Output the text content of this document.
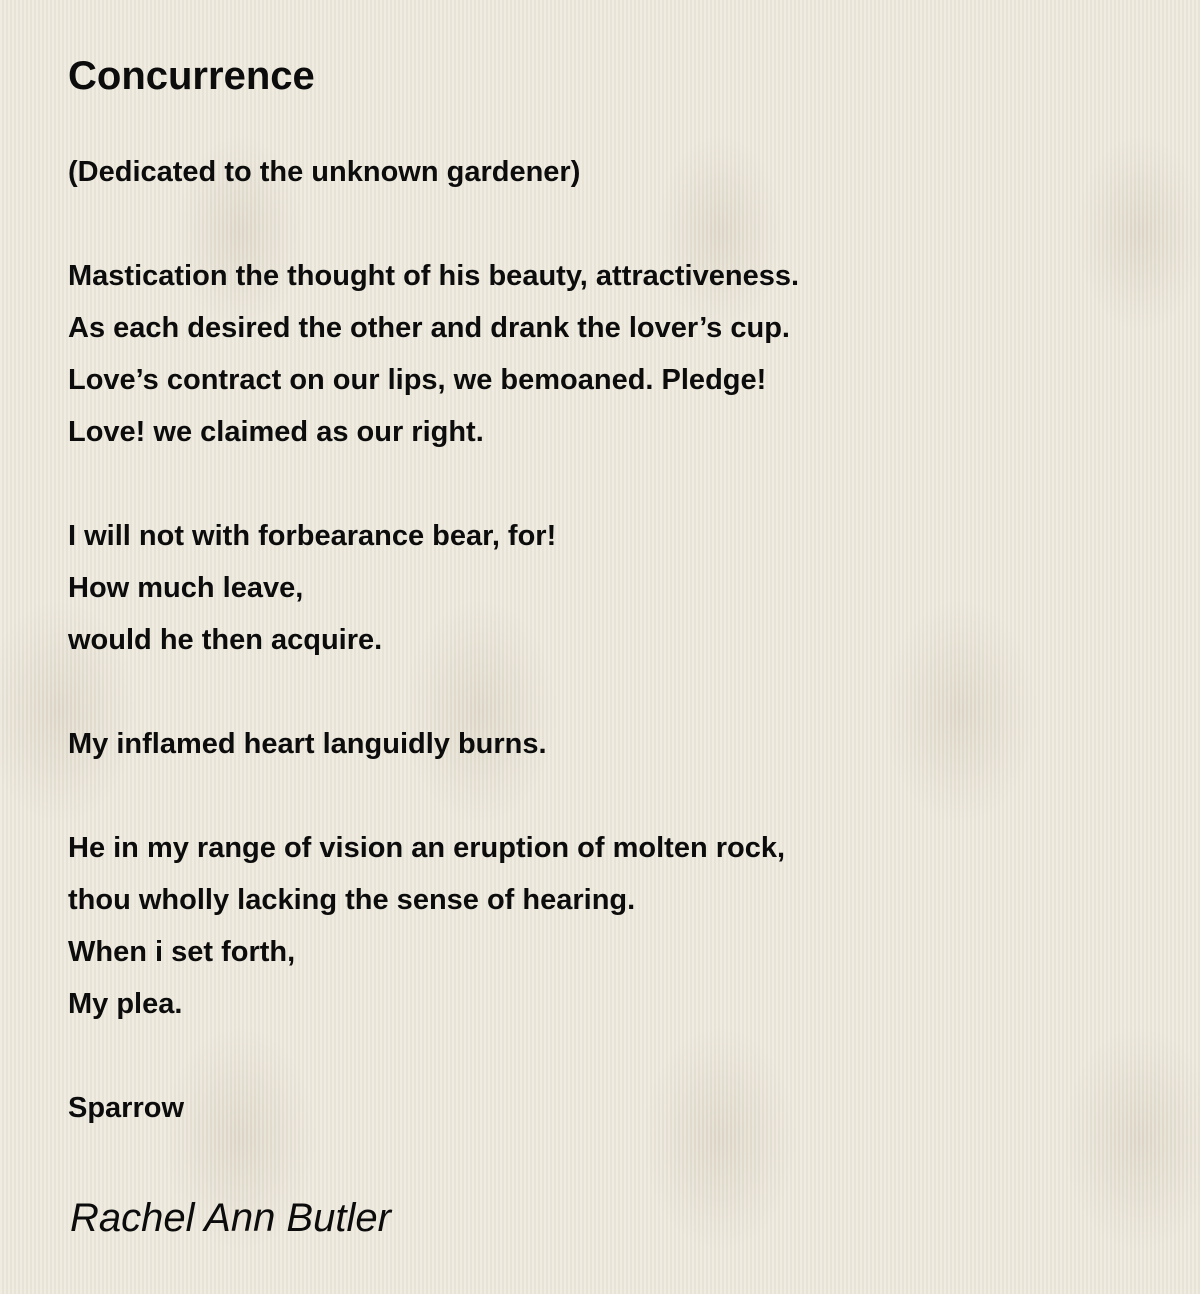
Concurrence
(Dedicated to the unknown gardener)
Mastication the thought of his beauty, attractiveness.
As each desired the other and drank the lover’s cup.
Love’s contract on our lips, we bemoaned. Pledge!
Love! we claimed as our right.
I will not with forbearance bear, for!
How much leave,
would he then acquire.
My inflamed heart languidly burns.
He in my range of vision an eruption of molten rock,
thou wholly lacking the sense of hearing.
When i set forth,
My plea.
Sparrow

Rachel Ann Butler
